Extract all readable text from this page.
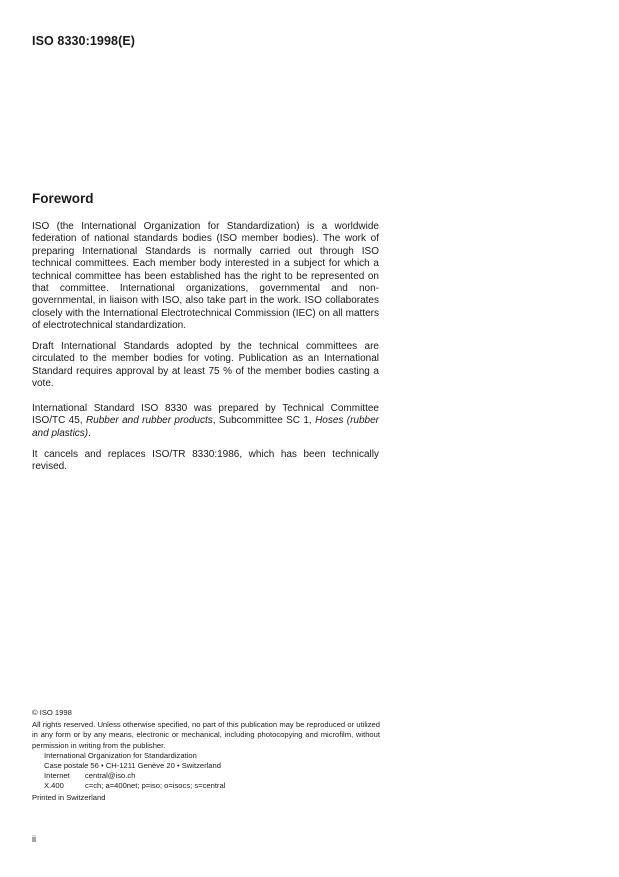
ISO 8330:1998(E)
Foreword

ISO (the International Organization for Standardization) is a worldwide federation of national standards bodies (ISO member bodies). The work of preparing International Standards is normally carried out through ISO technical committees. Each member body interested in a subject for which a technical committee has been established has the right to be represented on that committee. International organizations, governmental and non-governmental, in liaison with ISO, also take part in the work. ISO collaborates closely with the International Electrotechnical Commission (IEC) on all matters of electrotechnical standardization.

Draft International Standards adopted by the technical committees are circulated to the member bodies for voting. Publication as an International Standard requires approval by at least 75 % of the member bodies casting a vote.

International Standard ISO 8330 was prepared by Technical Committee ISO/TC 45, Rubber and rubber products, Subcommittee SC 1, Hoses (rubber and plastics).

It cancels and replaces ISO/TR 8330:1986, which has been technically revised.

© ISO 1998
All rights reserved. Unless otherwise specified, no part of this publication may be reproduced or utilized in any form or by any means, electronic or mechanical, including photocopying and microfilm, without permission in writing from the publisher.
International Organization for Standardization
Case postale 56 • CH-1211 Genève 20 • Switzerland
Internet central@iso.ch
X.400	c=ch; a=400net; p=iso; o=isocs; s=central
Printed in Switzerland
ii
